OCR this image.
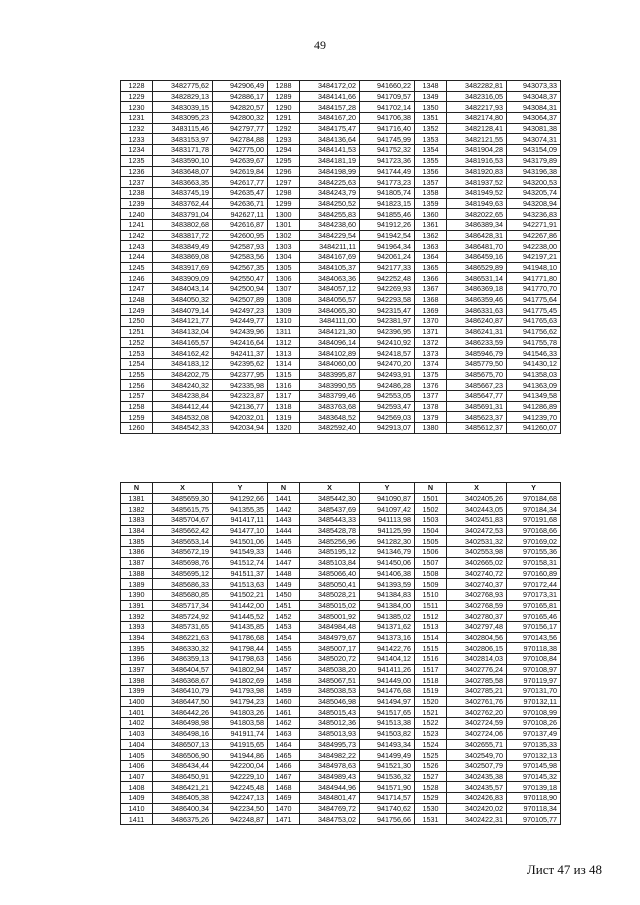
49
1228	3482775,62	942906,49	1288	3484172,02	941660,22	1348	3482282,81	943073,33
1229	3482829,13	942886,17	1289	3484141,66	941709,57	1349	3482316,05	943048,37
1230	3483039,15	942820,57	1290	3484157,28	941702,14	1350	3482217,93	943084,31
1231	3483095,23	942800,32	1291	3484167,20	941706,38	1351	3482174,80	943064,37
1232	3483115,46	942797,77	1292	3484175,47	941716,40	1352	3482128,41	943081,38
1233	3483153,97	942784,88	1293	3484136,64	941745,99	1353	3482121,55	943074,31
1234	3483171,78	942775,00	1294	3484141,53	941752,32	1354	3481904,28	943154,09
1235	3483590,10	942639,67	1295	3484181,19	941723,36	1355	3481916,53	943179,89
1236	3483648,07	942619,84	1296	3484198,99	941744,49	1356	3481920,83	943196,38
1237	3483663,35	942617,77	1297	3484225,63	941773,23	1357	3481937,52	943200,53
1238	3483745,19	942635,47	1298	3484243,79	941805,74	1358	3481949,52	943205,74
1239	3483762,44	942636,71	1299	3484250,52	941823,15	1359	3481949,63	943208,94
1240	3483791,04	942627,11	1300	3484255,83	941855,46	1360	3482022,65	943236,83
1241	3483802,68	942616,87	1301	3484238,60	941912,26	1361	3486389,34	942271,91
1242	3483817,72	942600,95	1302	3484229,54	941942,54	1362	3486428,31	942267,86
1243	3483849,49	942587,93	1303	3484211,11	941964,34	1363	3486481,70	942238,00
1244	3483869,08	942583,56	1304	3484167,69	942061,24	1364	3486459,16	942197,21
1245	3483917,69	942567,35	1305	3484105,37	942177,33	1365	3486529,89	941948,10
1246	3483909,09	942550,47	1306	3484063,36	942252,48	1366	3486531,14	941771,80
1247	3484043,14	942500,94	1307	3484057,12	942269,93	1367	3486369,18	941770,70
1248	3484050,32	942507,89	1308	3484056,57	942293,58	1368	3486359,46	941775,64
1249	3484079,14	942497,23	1309	3484065,30	942315,47	1369	3486331,63	941775,45
1250	3484121,77	942449,77	1310	3484111,00	942381,97	1370	3486240,87	941765,63
1251	3484132,04	942439,96	1311	3484121,30	942396,95	1371	3486241,31	941756,62
1252	3484165,57	942416,64	1312	3484096,14	942410,92	1372	3486233,59	941755,78
1253	3484162,42	942411,37	1313	3484102,89	942418,57	1373	3485946,79	941546,33
1254	3484183,12	942395,62	1314	3484060,00	942470,20	1374	3485779,50	941430,12
1255	3484202,75	942377,95	1315	3483995,87	942493,91	1375	3485675,70	941358,03
1256	3484240,32	942335,98	1316	3483990,55	942486,28	1376	3485667,23	941363,09
1257	3484238,84	942323,87	1317	3483799,46	942553,05	1377	3485647,77	941349,58
1258	3484412,44	942136,77	1318	3483763,68	942593,47	1378	3485691,31	941286,89
1259	3484532,08	942032,01	1319	3483648,52	942569,03	1379	3485623,37	941239,70
1260	3484542,33	942034,94	1320	3482592,40	942913,07	1380	3485612,37	941260,07
N	X	Y	N	X	Y	N	X	Y
1381	3485659,30	941292,66	1441	3485442,30	941090,87	1501	3402405,26	970184,68
1382	3485615,75	941355,35	1442	3485437,69	941097,42	1502	3402443,05	970184,34
1383	3485704,67	941417,11	1443	3485443,33	941113,98	1503	3402451,83	970191,68
1384	3485662,42	941477,10	1444	3485428,78	941125,99	1504	3402472,53	970168,66
1385	3485653,14	941501,06	1445	3485256,96	941282,30	1505	3402531,32	970169,02
1386	3485672,19	941549,33	1446	3485195,12	941346,79	1506	3402553,98	970155,36
1387	3485698,76	941512,74	1447	3485103,84	941450,06	1507	3402665,02	970158,31
1388	3485695,12	941511,37	1448	3485066,40	941406,38	1508	3402740,72	970160,89
1389	3485686,33	941513,63	1449	3485050,41	941393,59	1509	3402740,37	970172,44
1390	3485680,85	941502,21	1450	3485028,21	941384,83	1510	3402768,93	970173,31
1391	3485717,34	941442,00	1451	3485015,02	941384,00	1511	3402768,59	970165,81
1392	3485724,92	941445,52	1452	3485001,92	941385,02	1512	3402780,37	970165,46
1393	3485731,65	941435,85	1453	3484984,48	941371,62	1513	3402797,48	970156,17
1394	3486221,63	941786,68	1454	3484979,67	941373,16	1514	3402804,56	970143,56
1395	3486330,32	941798,44	1455	3485007,17	941422,76	1515	3402806,15	970118,38
1396	3486359,13	941798,63	1456	3485020,72	941404,12	1516	3402814,03	970108,84
1397	3486404,57	941802,94	1457	3485038,20	941411,26	1517	3402776,24	970108,97
1398	3486368,67	941802,69	1458	3485067,51	941449,00	1518	3402785,58	970119,97
1399	3486410,79	941793,98	1459	3485038,53	941476,68	1519	3402785,21	970131,70
1400	3486447,50	941794,23	1460	3485046,98	941494,97	1520	3402761,76	970132,11
1401	3486442,26	941803,26	1461	3485015,43	941517,65	1521	3402762,20	970108,99
1402	3486498,98	941803,58	1462	3485012,36	941513,38	1522	3402724,59	970108,26
1403	3486498,16	941911,74	1463	3485013,93	941503,82	1523	3402724,06	970137,49
1404	3486507,13	941915,65	1464	3484995,73	941493,34	1524	3402655,71	970135,33
1405	3486506,90	941944,86	1465	3484982,22	941499,49	1525	3402549,70	970132,13
1406	3486434,44	942200,04	1466	3484978,63	941521,30	1526	3402507,79	970145,98
1407	3486450,91	942229,10	1467	3484989,43	941536,32	1527	3402435,38	970145,32
1408	3486421,21	942245,48	1468	3484944,96	941571,90	1528	3402435,57	970139,18
1409	3486405,38	942247,13	1469	3484801,47	941714,57	1529	3402426,83	970118,90
1410	3486400,34	942234,50	1470	3484769,72	941740,62	1530	3402420,02	970118,34
1411	3486375,26	942248,87	1471	3484753,02	941756,66	1531	3402422,31	970105,77
Лист 47 из 48
